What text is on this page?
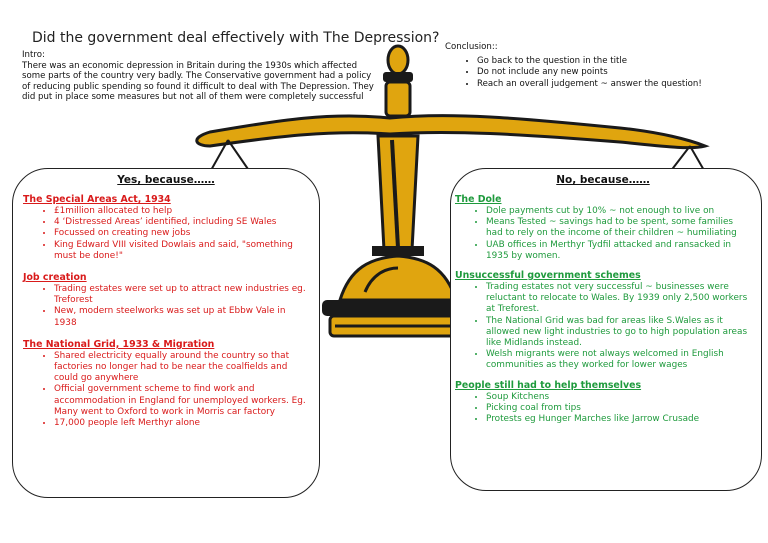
Did the government deal effectively with The Depression?
Intro:
There was an economic depression in Britain during the 1930s which affected some parts of the country very badly. The Conservative government had a policy of reducing public spending so found it difficult to deal with The Depression. They did put in place some measures but not all of them were completely successful
Conclusion::
• Go back to the question in the title
• Do not include any new points
• Reach an overall judgement ~ answer the question!
Yes, because……
The Special Areas Act, 1934
• £1million allocated to help
• 4 ‘Distressed Areas’ identified, including SE Wales
• Focussed on creating new jobs
• King Edward VIII visited Dowlais and said, "something must be done!"
Job creation
• Trading estates were set up to attract new industries eg. Treforest
• New, modern steelworks was set up at Ebbw Vale in 1938
The National Grid, 1933 & Migration
• Shared electricity equally around the country so that factories no longer had to be near the coalfields and could go anywhere
• Official government scheme to find work and accommodation in England for unemployed workers. Eg. Many went to Oxford to work in Morris car factory
• 17,000 people left Merthyr alone
No, because……
The Dole
• Dole payments cut by 10% ~ not enough to live on
• Means Tested ~ savings had to be spent, some families had to rely on the income of their children ~ humiliating
• UAB offices in Merthyr Tydfil attacked and ransacked in 1935 by women.
Unsuccessful government schemes
• Trading estates not very successful ~ businesses were reluctant to relocate to Wales. By 1939 only 2,500 workers at Treforest.
• The National Grid was bad for areas like S.Wales as it allowed new light industries to go to high population areas like Midlands instead.
• Welsh migrants were not always welcomed in English communities as they worked for lower wages
People still had to help themselves
• Soup Kitchens
• Picking coal from tips
• Protests eg Hunger Marches like Jarrow Crusade
